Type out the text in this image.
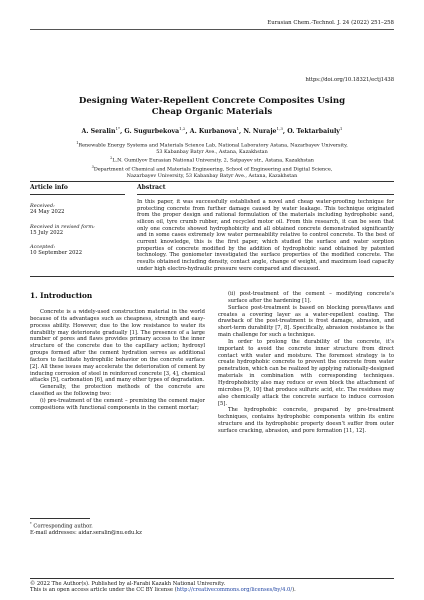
Eurasian Chem.-Technol. J. 24 (2022) 251–258
https://doi.org/10.18321/ectj1438
Designing Water-Repellent Concrete Composites Using
Cheap Organic Materials
A. Seralin$^{1*}$, G. Sugurbekova$^{1,2}$, A. Kurbanova$^1$, N. Nuraje$^{1,3}$, O. Tektarbaiuly$^1$
$^1$Renewable Energy Systems and Materials Science Lab, National Laboratory Astana, Nazarbayev University,
53 Kabanbay Batyr Ave., Astana, Kazakhstan
$^2$L.N. Gumilyov Eurasian National University, 2, Satpayev str., Astana, Kazakhstan
$^3$Department of Chemical and Materials Engineering, School of Engineering and Digital Science,
Nazarbayev University, 53 Kabanbay Batyr Ave., Astana, Kazakhstan
Article info	Abstract
Received:
24 May 2022
Received in revised form:
15 July 2022
Accepted:
10 September 2022
In this paper, it was successfully established a novel and cheap water-proofing technique for protecting concrete from further damage caused by water leakage. This technique originated from the proper design and rational formulation of the materials including hydrophobic sand, silicon oil, tyre crumb rubber, and recycled motor oil. From this research, it can be seen that only one concrete showed hydrophobicity and all obtained concrete demonstrated significantly and in some cases extremely low water permeability relative to control concrete. To the best of current knowledge, this is the first paper, which studied the surface and water sorption properties of concrete modified by the addition of hydrophobic sand obtained by patented technology. The goniometer investigated the surface properties of the modified concrete. The results obtained including density, contact angle, change of weight, and maximum load capacity under high electro-hydraulic pressure were compared and discussed.
1. Introduction

Concrete is a widely-used construction material in the world because of its advantages such as cheapness, strength and easy-process ability. However, due to the low resistance to water its durability may deteriorate gradually [1]. The presence of a large number of pores and flaws provides primary access to the inner structure of the concrete due to the capillary action; hydroxyl groups formed after the cement hydration serves as additional factors to facilitate hydrophilic behavior on the concrete surface [2]. All these issues may accelerate the deterioration of cement by inducing corrosion of steel in reinforced concrete [3, 4], chemical attacks [5], carbonation [6], and many other types of degradation.

Generally, the protection methods of the concrete are classified as the following two:

(i) pre-treatment of the cement – premixing the cement major compositions with functional components in the cement mortar;

(ii) post-treatment of the cement – modifying concrete’s surface after the hardening [1].

Surface post-treatment is based on blocking pores/flaws and creates a covering layer as a water-repellent coating. The drawback of the post-treatment is frost damage, abrasion, and short-term durability [7, 8]. Specifically, abrasion resistance is the main challenge for such a technique.

In order to prolong the durability of the concrete, it’s important to avoid the concrete inner structure from direct contact with water and moisture. The foremost strategy is to create hydrophobic concrete to prevent the concrete from water penetration, which can be realized by applying rationally-designed materials in combination with corresponding techniques. Hydrophobicity also may reduce or even block the attachment of microbes [9, 10] that produce sulfuric acid, etc. The residues may also chemically attack the concrete surface to induce corrosion [5].

The hydrophobic concrete, prepared by pre-treatment techniques, contains hydrophobic components within its entire structure and its hydrophobic property doesn’t suffer from outer surface cracking, abrasion, and pore formation [11, 12].

* Corresponding author.
E-mail addresses: aidar.seralin@nu.edu.kz
© 2022 The Author(s). Published by al-Farabi Kazakh National University.
This is an open access article under the CC BY license (http://creativecommons.org/licenses/by/4.0/).
